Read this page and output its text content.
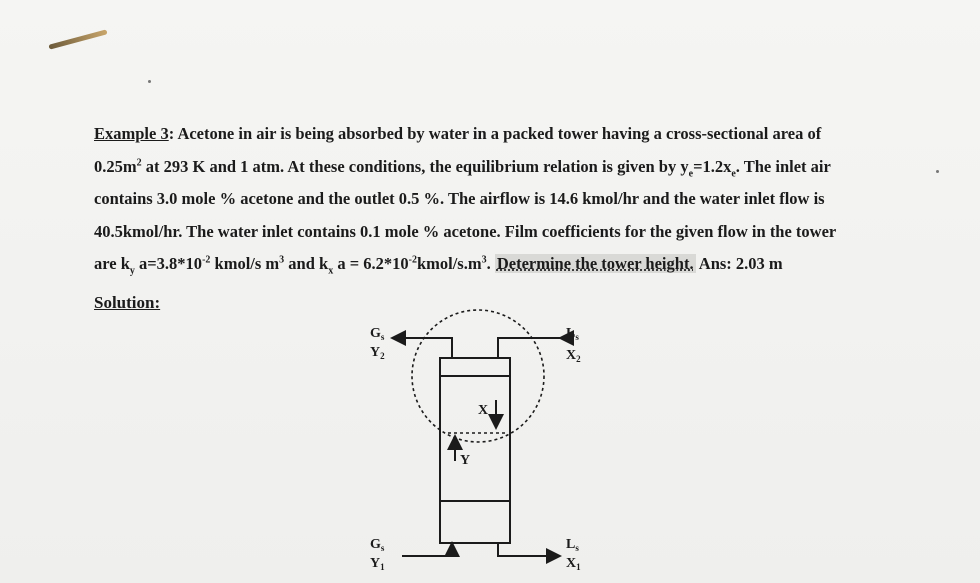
Example 3: Acetone in air is being absorbed by water in a packed tower having a cross-sectional area of

$0.25m^2$ at 293 K and 1 atm. At these conditions, the equilibrium relation is given by $y_e=1.2x_e$. The inlet air

contains 3.0 mole % acetone and the outlet 0.5 %. The airflow is 14.6 kmol/hr and the water inlet flow is

40.5kmol/hr. The water inlet contains 0.1 mole % acetone. Film coefficients for the given flow in the tower

are $k_y$ $a=3.8*10^{-2}$ kmol/s $m^3$ and $k_x$ $a = 6.2*10^{-2}kmol/s.m^3$. Determine the tower height. Ans: 2.03 m

Solution:
$G_s$
$Y_2$
$L_s$
$X_2$
$G_s$
$Y_1$
$L_s$
$X_1$
X
Y
